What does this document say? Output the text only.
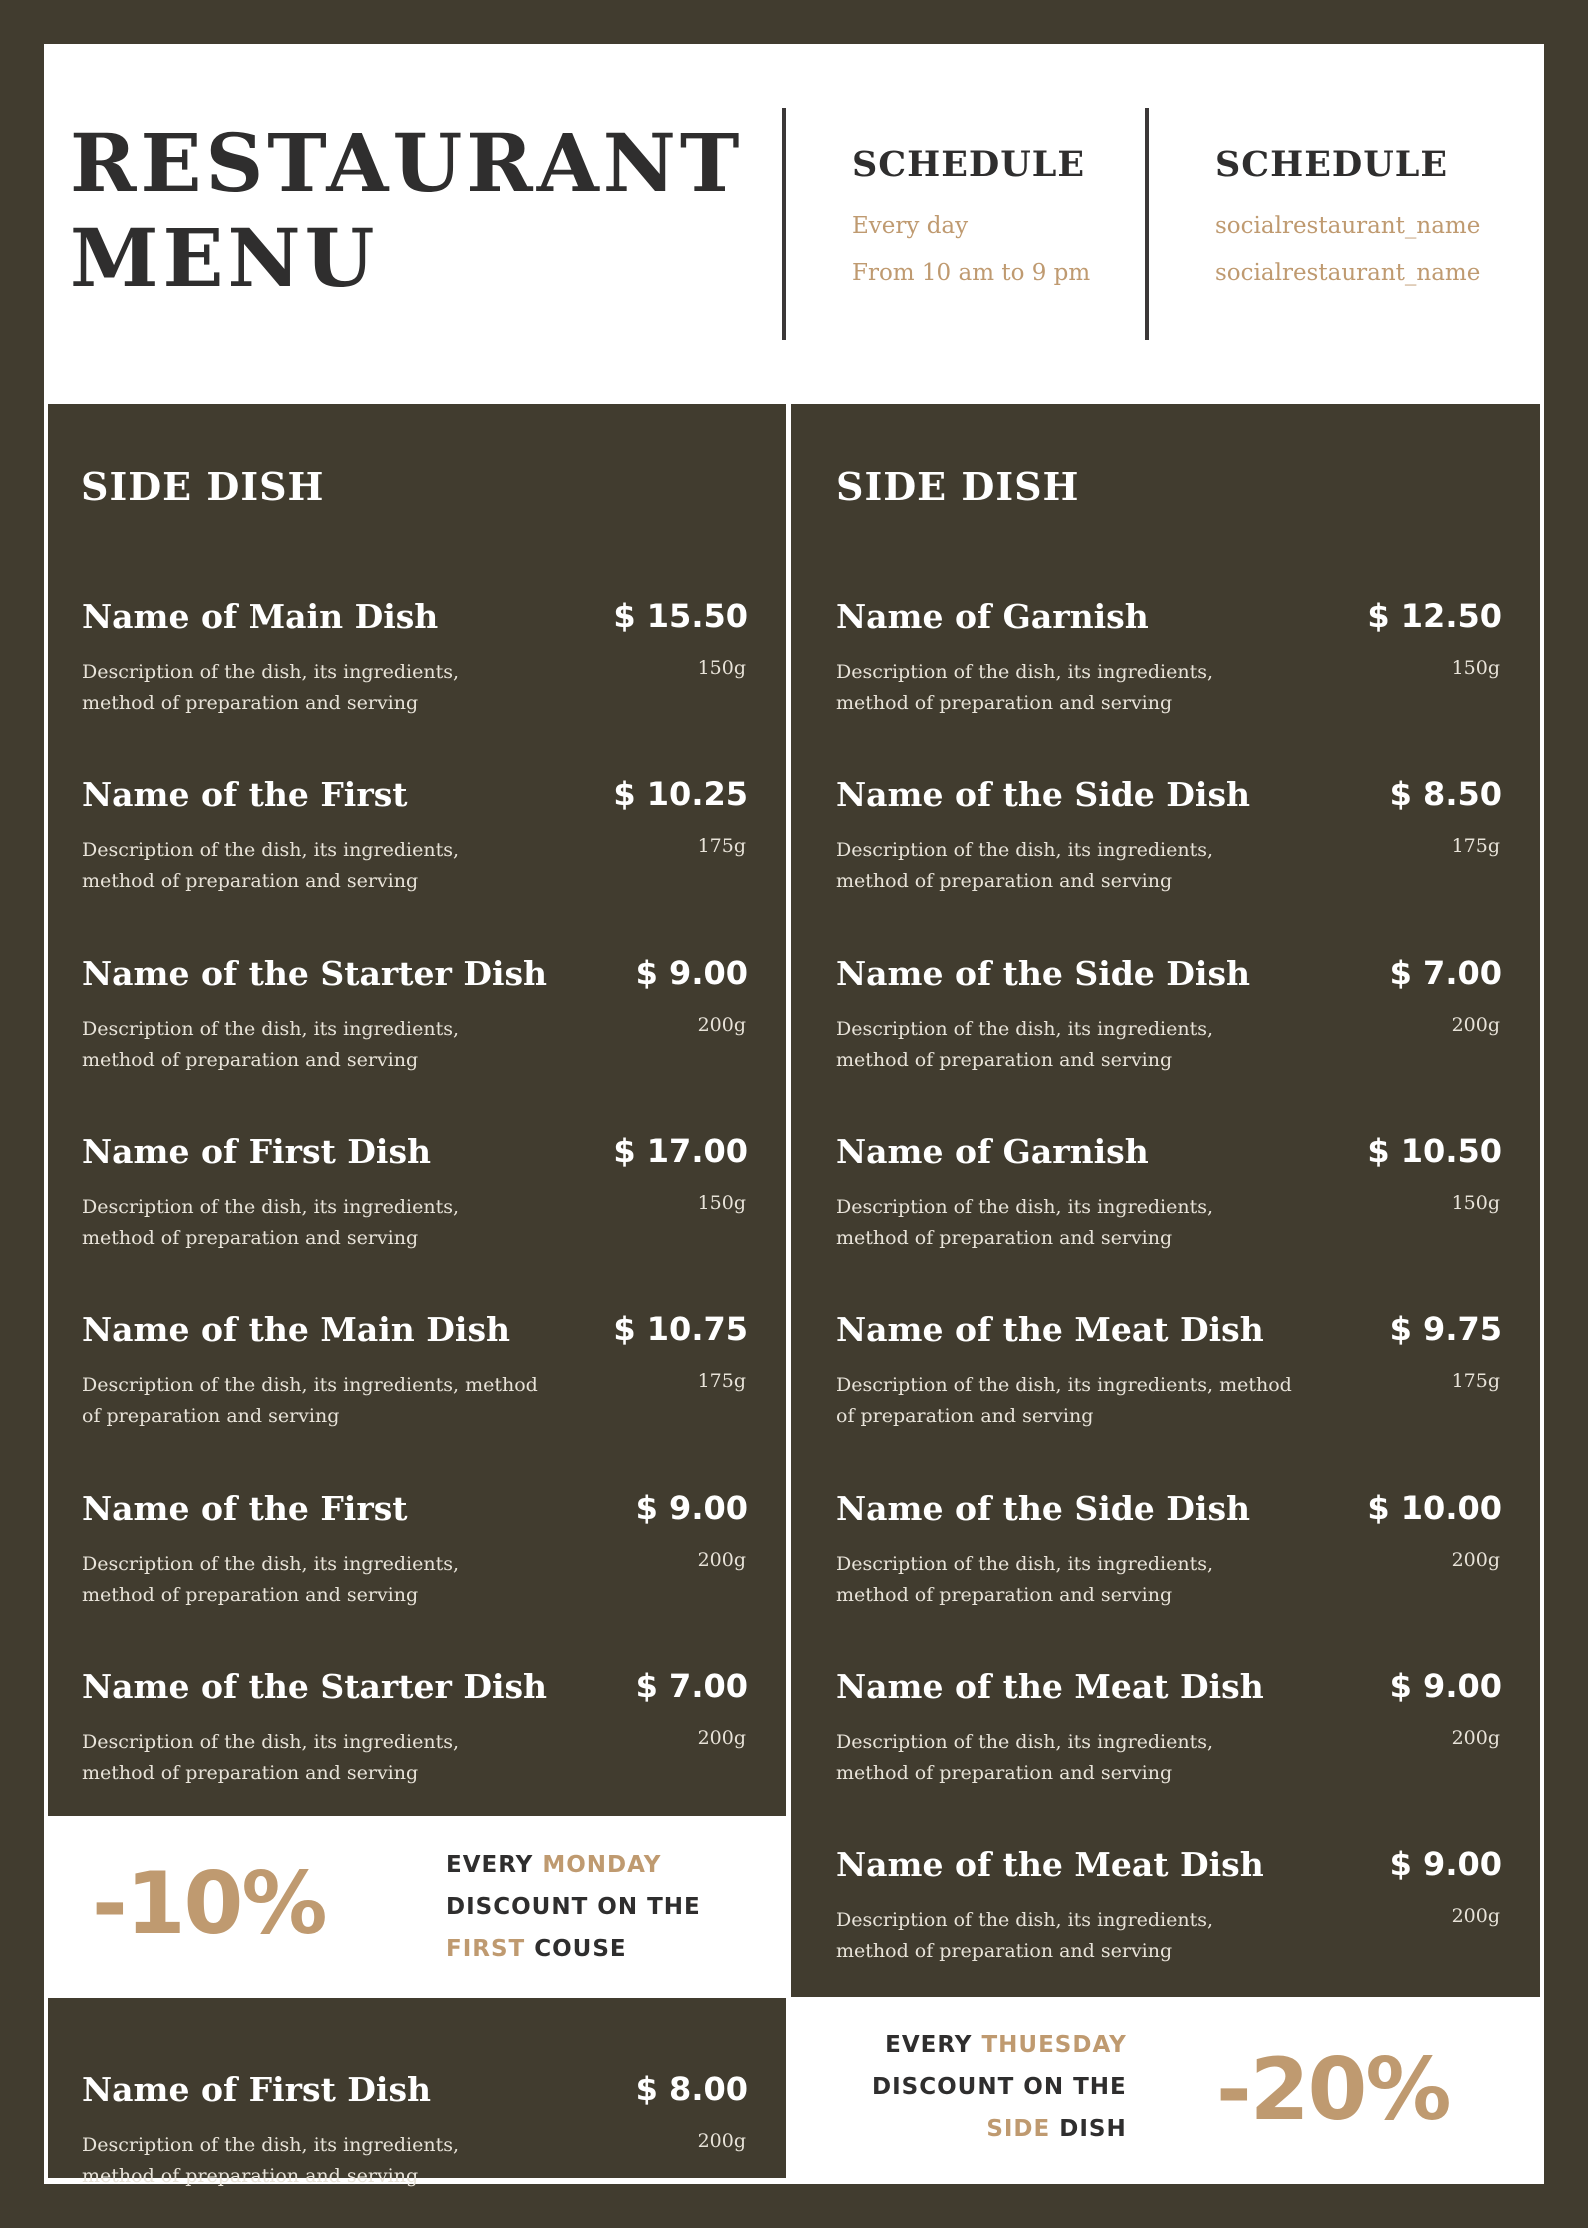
RESTAURANT
MENU
SCHEDULE
Every day
From 10 am to 9 pm
SCHEDULE
socialrestaurant_name
socialrestaurant_name
SIDE DISH
Name of Main Dish	$ 15.50
Description of the dish, its ingredients, method of preparation and serving
150g
Name of the First	$ 10.25
Description of the dish, its ingredients, method of preparation and serving
175g
Name of the Starter Dish	$ 9.00
Description of the dish, its ingredients, method of preparation and serving
200g
Name of First Dish	$ 17.00
Description of the dish, its ingredients, method of preparation and serving
150g
Name of the Main Dish	$ 10.75
Description of the dish, its ingredients, method of preparation and serving
175g
Name of the First	$ 9.00
Description of the dish, its ingredients, method of preparation and serving
200g
Name of the Starter Dish	$ 7.00
Description of the dish, its ingredients, method of preparation and serving
200g
-10%	EVERY MONDAY
DISCOUNT ON THE
FIRST COUSE
Name of First Dish	$ 8.00
Description of the dish, its ingredients, method of preparation and serving
200g
SIDE DISH
Name of Garnish	$ 12.50
Description of the dish, its ingredients, method of preparation and serving
150g
Name of the Side Dish	$ 8.50
Description of the dish, its ingredients, method of preparation and serving
175g
Name of the Side Dish	$ 7.00
Description of the dish, its ingredients, method of preparation and serving
200g
Name of Garnish	$ 10.50
Description of the dish, its ingredients, method of preparation and serving
150g
Name of the Meat Dish	$ 9.75
Description of the dish, its ingredients, method of preparation and serving
175g
Name of the Side Dish	$ 10.00
Description of the dish, its ingredients, method of preparation and serving
200g
Name of the Meat Dish	$ 9.00
Description of the dish, its ingredients, method of preparation and serving
200g
Name of the Meat Dish	$ 9.00
Description of the dish, its ingredients, method of preparation and serving
200g
EVERY THUESDAY
DISCOUNT ON THE
SIDE DISH -20%
